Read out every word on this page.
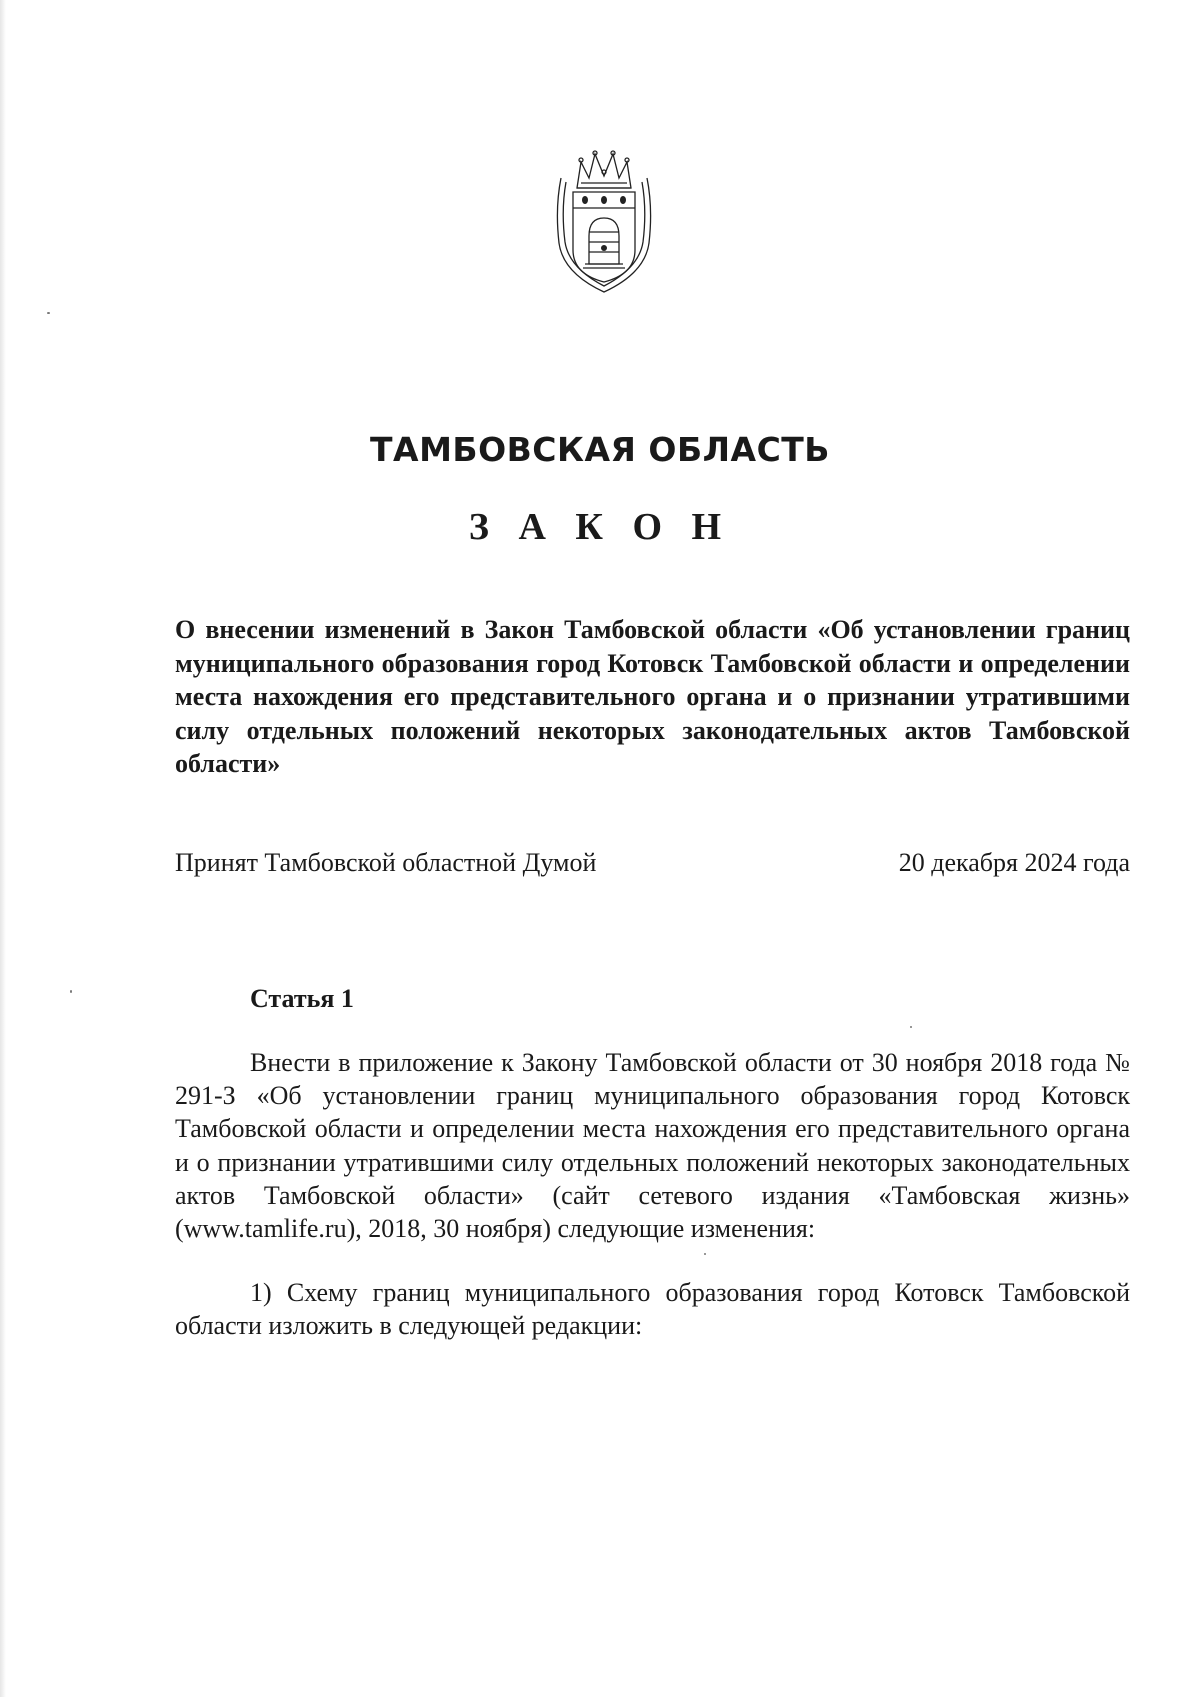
ТАМБОВСКАЯ ОБЛАСТЬ
З А К О Н

О внесении изменений в Закон Тамбовской области «Об установлении границ муниципального образования город Котовск Тамбовской области и определении места нахождения его представительного органа и о признании утратившими силу отдельных положений некоторых законодательных актов Тамбовской области»

Принят Тамбовской областной Думой	20 декабря 2024 года
Статья 1

Внести в приложение к Закону Тамбовской области от 30 ноября 2018 года № 291-З «Об установлении границ муниципального образования город Котовск Тамбовской области и определении места нахождения его представительного органа и о признании утратившими силу отдельных положений некоторых законодательных актов Тамбовской области» (сайт сетевого издания «Тамбовская жизнь» (www.tamlife.ru), 2018, 30 ноября) следующие изменения:

1) Схему границ муниципального образования город Котовск Тамбовской области изложить в следующей редакции:
